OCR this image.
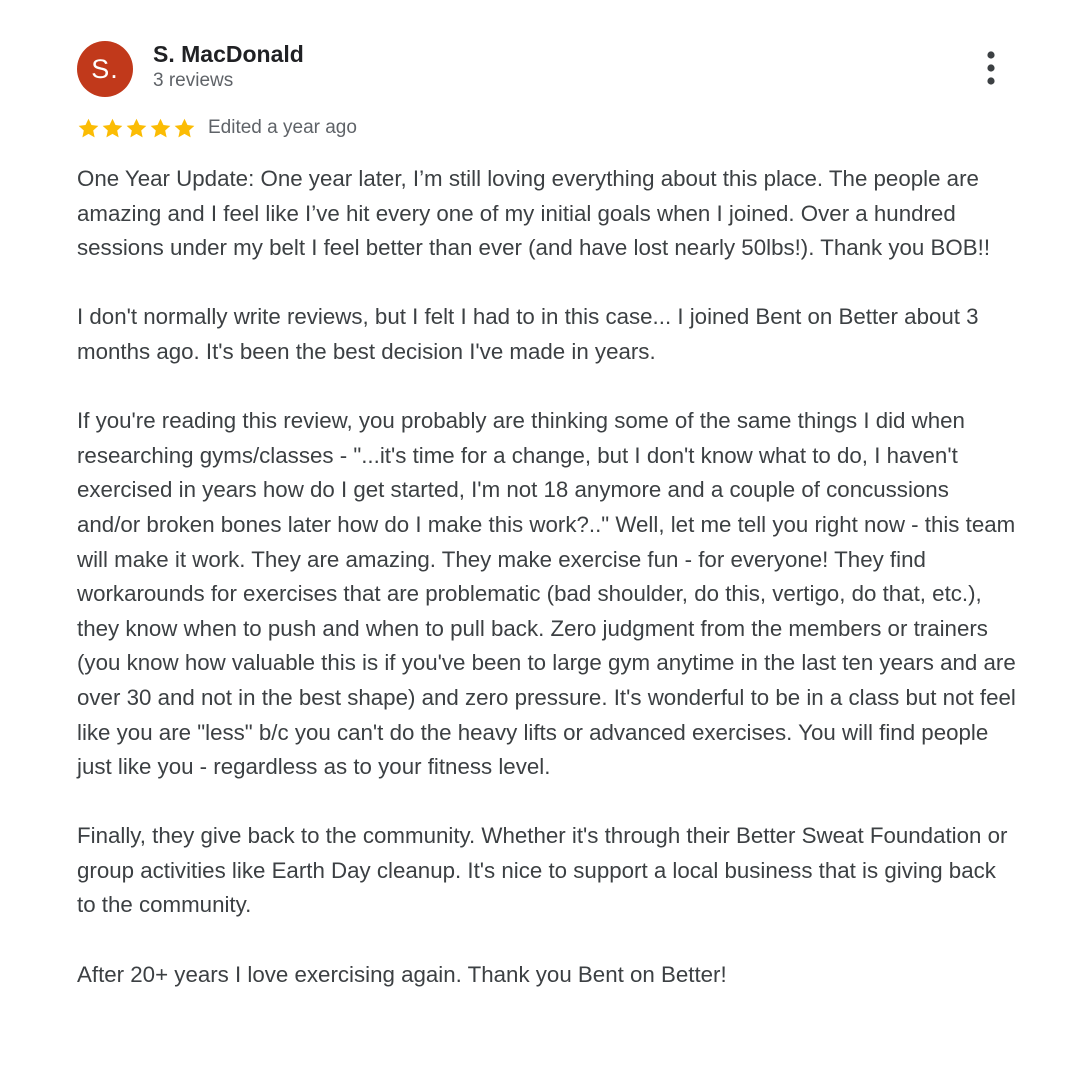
S.	S. MacDonald
3 reviews
Edited a year ago

One Year Update: One year later, I’m still loving everything about this place. The people are amazing and I feel like I’ve hit every one of my initial goals when I joined. Over a hundred sessions under my belt I feel better than ever (and have lost nearly 50lbs!). Thank you BOB!!

I don't normally write reviews, but I felt I had to in this case... I joined Bent on Better about 3 months ago. It's been the best decision I've made in years.

If you're reading this review, you probably are thinking some of the same things I did when researching gyms/classes - "...it's time for a change, but I don't know what to do, I haven't exercised in years how do I get started, I'm not 18 anymore and a couple of concussions and/or broken bones later how do I make this work?.." Well, let me tell you right now - this team will make it work. They are amazing. They make exercise fun - for everyone! They find workarounds for exercises that are problematic (bad shoulder, do this, vertigo, do that, etc.), they know when to push and when to pull back. Zero judgment from the members or trainers (you know how valuable this is if you've been to large gym anytime in the last ten years and are over 30 and not in the best shape) and zero pressure. It's wonderful to be in a class but not feel like you are "less" b/c you can't do the heavy lifts or advanced exercises. You will find people just like you - regardless as to your fitness level.

Finally, they give back to the community. Whether it's through their Better Sweat Foundation or group activities like Earth Day cleanup. It's nice to support a local business that is giving back to the community.

After 20+ years I love exercising again. Thank you Bent on Better!
